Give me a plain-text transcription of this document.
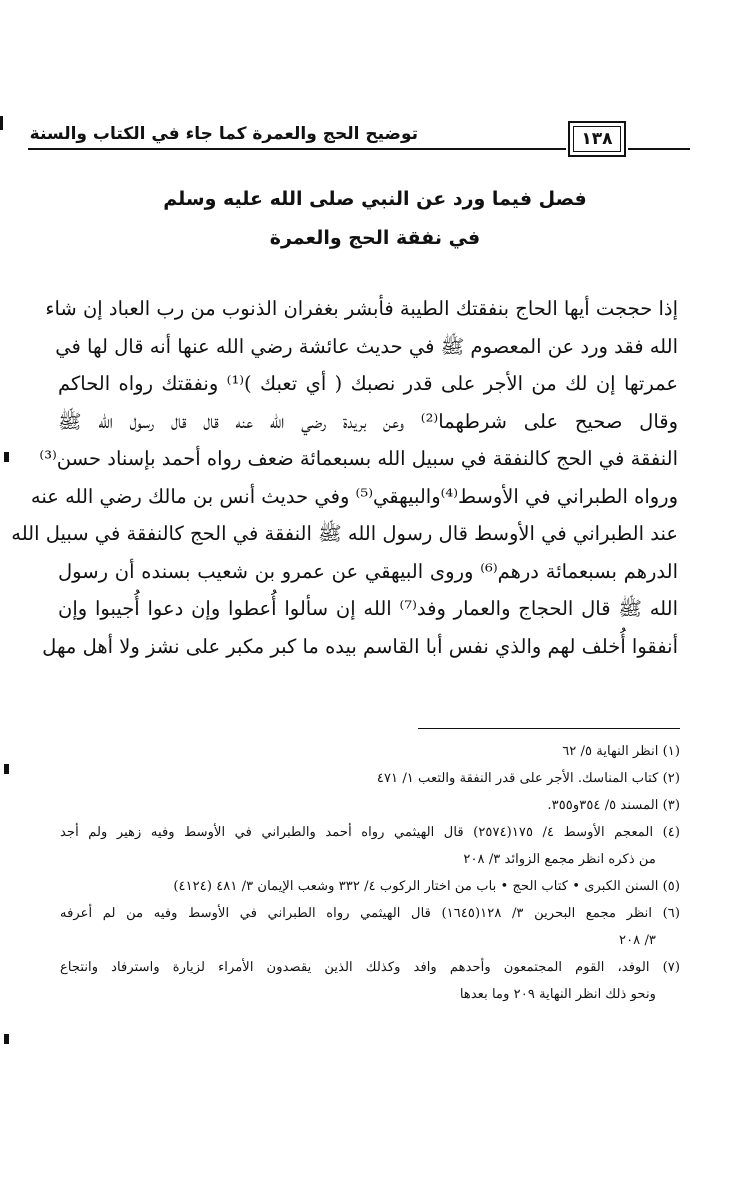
توضيح الحج والعمرة كما جاء في الكتاب والسنة	١٣٨
فصل فيما ورد عن النبي صلى الله عليه وسلم
في نفقة الحج والعمرة
إذا حججت أيها الحاج بنفقتك الطيبة فأبشر بغفران الذنوب من رب العباد إن شاء
الله فقد ورد عن المعصوم ﷺ في حديث عائشة رضي الله عنها أنه قال لها في
عمرتها إن لك من الأجر على قدر نصبك ( أي تعبك )⁽¹⁾ ونفقتك رواه الحاكم
وقال صحيح على شرطهما⁽²⁾ وعن بريدة رضي الله عنه قال قال رسول الله ﷺ
النفقة في الحج كالنفقة في سبيل الله بسبعمائة ضعف رواه أحمد بإسناد حسن⁽³⁾
ورواه الطبراني في الأوسط⁽⁴⁾والبيهقي⁽⁵⁾ وفي حديث أنس بن مالك رضي الله عنه
عند الطبراني في الأوسط قال رسول الله ﷺ النفقة في الحج كالنفقة في سبيل الله
الدرهم بسبعمائة درهم⁽⁶⁾ وروى البيهقي عن عمرو بن شعيب بسنده أن رسول
الله ﷺ قال الحجاج والعمار وفد⁽⁷⁾ الله إن سألوا أُعطوا وإن دعوا أُجيبوا وإن
أنفقوا أُخلف لهم والذي نفس أبا القاسم بيده ما كبر مكبر على نشز ولا أهل مهل
(١) انظر النهاية ٥/ ٦٢
(٢) كتاب المناسك. الأجر على قدر النفقة والتعب ١/ ٤٧١
(٣) المسند ٥/ ٣٥٤و٣٥٥.
(٤) المعجم الأوسط ٤/ ١٧٥(٢٥٧٤) قال الهيثمي رواه أحمد والطبراني في الأوسط وفيه زهير ولم أجد
من ذكره انظر مجمع الزوائد ٣/ ٢٠٨
(٥) السنن الكبرى • كتاب الحج • باب من اختار الركوب ٤/ ٣٣٢ وشعب الإيمان ٣/ ٤٨١ (٤١٢٤)
(٦) انظر مجمع البحرين ٣/ ١٢٨(١٦٤٥) قال الهيثمي رواه الطبراني في الأوسط وفيه من لم أعرفه
٣/ ٢٠٨
(٧) الوفد، القوم المجتمعون وأحدهم وافد وكذلك الذين يقصدون الأمراء لزيارة واسترفاد وانتجاع
ونحو ذلك انظر النهاية ٢٠٩ وما بعدها
